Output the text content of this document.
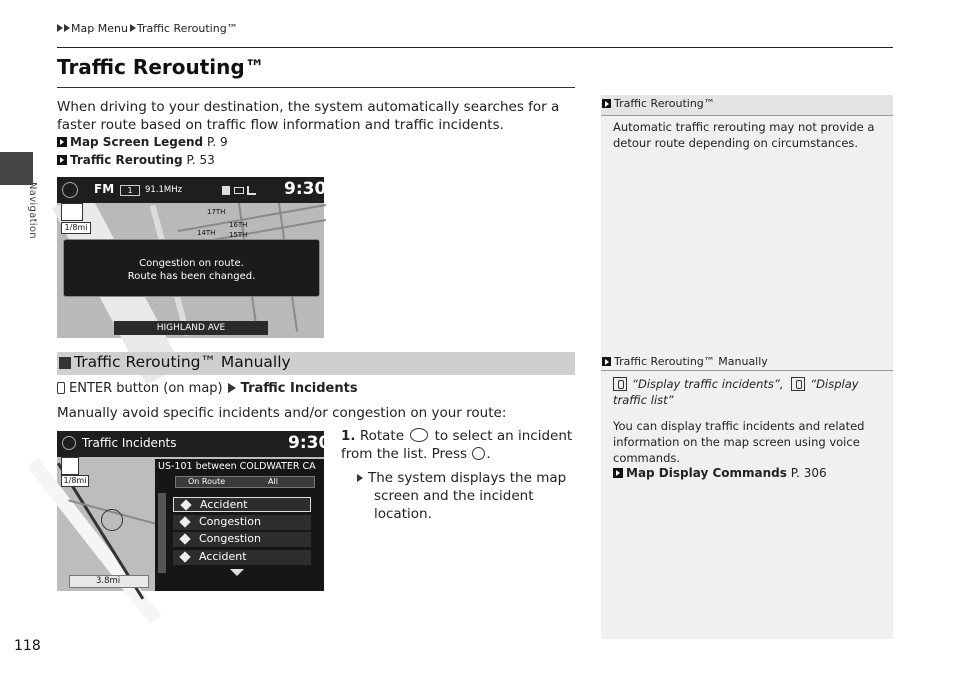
Map Menu Traffic Rerouting™
Navigation
Traffic Rerouting™
When driving to your destination, the system automatically searches for a faster route based on traffic flow information and traffic incidents.
Map Screen Legend P. 9
Traffic Rerouting P. 53
17TH
16TH
15TH
14TH
FM	1	91.1MHz	9:30
1/8mi
Congestion on route.
Route has been changed.
HIGHLAND AVE
Traffic Rerouting™ Manually
ENTER button (on map) Traffic Incidents
Manually avoid specific incidents and/or congestion on your route:
Traffic Incidents	9:30
1/8mi
3.8mi
US-101 between COLDWATER CA
On Route	All
Accident
Congestion
Congestion
Accident
1. Rotate to select an incident from the list. Press .
The system displays the map screen and the incident location.
Traffic Rerouting™
Automatic traffic rerouting may not provide a detour route depending on circumstances.
Traffic Rerouting™ Manually
“Display traffic incidents”, “Display traffic list”
You can display traffic incidents and related information on the map screen using voice commands.
Map Display Commands P. 306
118
